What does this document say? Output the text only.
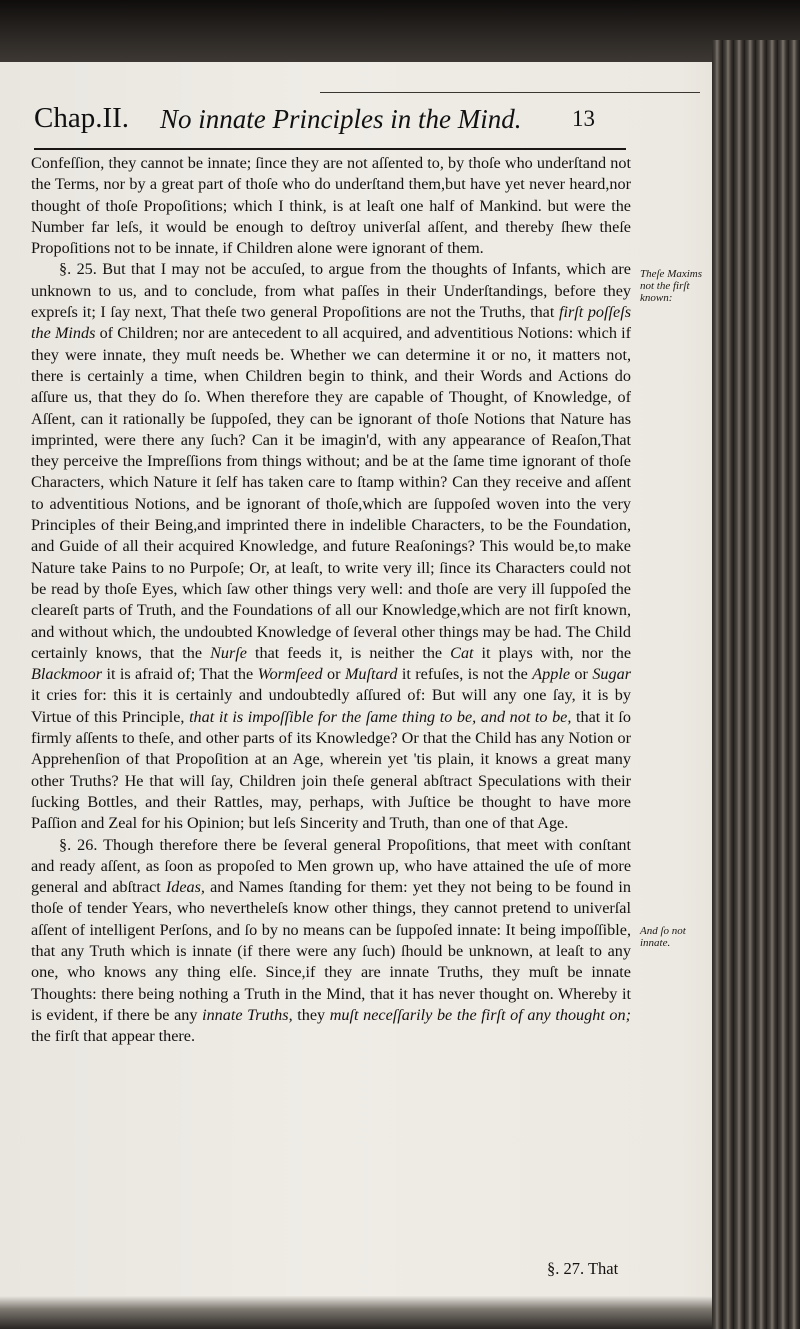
Chap.II. No innate Principles in the Mind. 13

Confeſſion, they cannot be innate; ſince they are not aſſented to, by thoſe who underſtand not the Terms, nor by a great part of thoſe who do underſtand them,but have yet never heard,nor thought of thoſe Propoſitions; which I think, is at leaſt one half of Mankind. but were the Number far leſs, it would be enough to deſtroy univerſal aſſent, and thereby ſhew theſe Propoſitions not to be innate, if Children alone were ignorant of them.

§. 25. But that I may not be accuſed, to argue from the thoughts of Infants, which are unknown to us, and to conclude, from what paſſes in their Underſtandings, before they expreſs it; I ſay next, That theſe two general Propoſitions are not the Truths, that firſt poſſeſs the Minds of Children; nor are antecedent to all acquired, and adventitious Notions: which if they were innate, they muſt needs be. Whether we can determine it or no, it matters not, there is certainly a time, when Children begin to think, and their Words and Actions do aſſure us, that they do ſo. When therefore they are capable of Thought, of Knowledge, of Aſſent, can it rationally be ſuppoſed, they can be ignorant of thoſe Notions that Nature has imprinted, were there any ſuch? Can it be imagin'd, with any appearance of Reaſon,That they perceive the Impreſſions from things without; and be at the ſame time ignorant of thoſe Characters, which Nature it ſelf has taken care to ſtamp within? Can they receive and aſſent to adventitious Notions, and be ignorant of thoſe,which are ſuppoſed woven into the very Principles of their Being,and imprinted there in indelible Characters, to be the Foundation, and Guide of all their acquired Knowledge, and future Reaſonings? This would be,to make Nature take Pains to no Purpoſe; Or, at leaſt, to write very ill; ſince its Characters could not be read by thoſe Eyes, which ſaw other things very well: and thoſe are very ill ſuppoſed the cleareſt parts of Truth, and the Foundations of all our Knowledge,which are not firſt known, and without which, the undoubted Knowledge of ſeveral other things may be had. The Child certainly knows, that the Nurſe that feeds it, is neither the Cat it plays with, nor the Blackmoor it is afraid of; That the Wormſeed or Muſtard it refuſes, is not the Apple or Sugar it cries for: this it is certainly and undoubtedly aſſured of: But will any one ſay, it is by Virtue of this Principle, that it is impoſſible for the ſame thing to be, and not to be, that it ſo firmly aſſents to theſe, and other parts of its Knowledge? Or that the Child has any Notion or Apprehenſion of that Propoſition at an Age, wherein yet 'tis plain, it knows a great many other Truths? He that will ſay, Children join theſe general abſtract Speculations with their ſucking Bottles, and their Rattles, may, perhaps, with Juſtice be thought to have more Paſſion and Zeal for his Opinion; but leſs Sincerity and Truth, than one of that Age.

§. 26. Though therefore there be ſeveral general Propoſitions, that meet with conſtant and ready aſſent, as ſoon as propoſed to Men grown up, who have attained the uſe of more general and abſtract Ideas, and Names ſtanding for them: yet they not being to be found in thoſe of tender Years, who nevertheleſs know other things, they cannot pretend to univerſal aſſent of intelligent Perſons, and ſo by no means can be ſuppoſed innate: It being impoſſible, that any Truth which is innate (if there were any ſuch) ſhould be unknown, at leaſt to any one, who knows any thing elſe. Since,if they are innate Truths, they muſt be innate Thoughts: there being nothing a Truth in the Mind, that it has never thought on. Whereby it is evident, if there be any innate Truths, they muſt neceſſarily be the firſt of any thought on; the firſt that appear there.

Theſe Maxims not the firſt known:
And ſo not innate.
§. 27. That
